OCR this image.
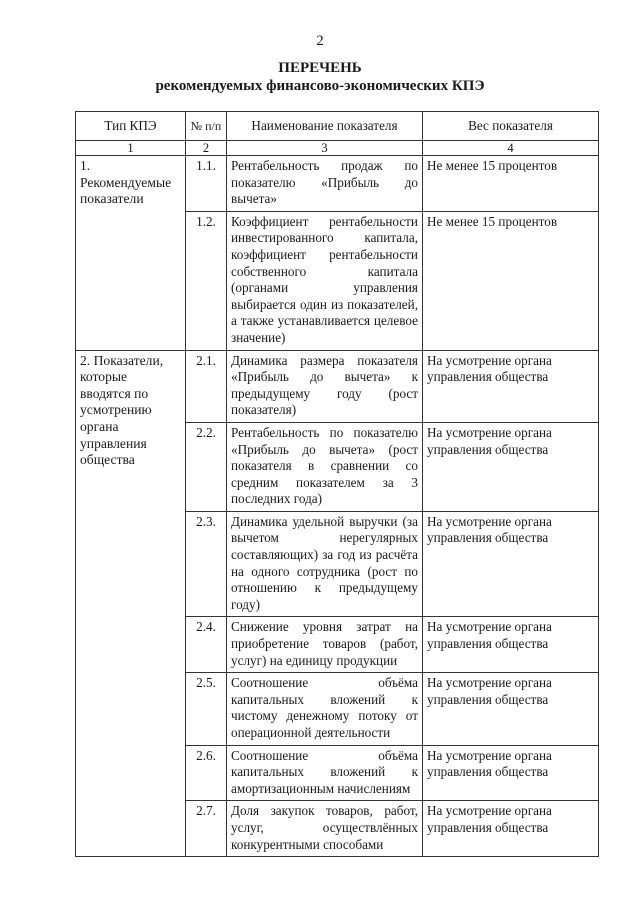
2
ПЕРЕЧЕНЬ
рекомендуемых финансово-экономических КПЭ
Тип КПЭ	№ п/п	Наименование показателя	Вес показателя
1	2	3	4
1. Рекомендуемые показатели	1.1.	Рентабельность продаж по показателю «Прибыль до вычета»	Не менее 15 процентов
	1.2.	Коэффициент рентабельности инвестированного капитала, коэффициент рентабельности собственного капитала (органами управления выбирается один из показателей, а также устанавливается целевое значение)	Не менее 15 процентов
2. Показатели, которые вводятся по усмотрению органа управления общества	2.1.	Динамика размера показателя «Прибыль до вычета» к предыдущему году (рост показателя)	На усмотрение органа управления общества
	2.2.	Рентабельность по показателю «Прибыль до вычета» (рост показателя в сравнении со средним показателем за 3 последних года)	На усмотрение органа управления общества
	2.3.	Динамика удельной выручки (за вычетом нерегулярных составляющих) за год из расчёта на одного сотрудника (рост по отношению к предыдущему году)	На усмотрение органа управления общества
	2.4.	Снижение уровня затрат на приобретение товаров (работ, услуг) на единицу продукции	На усмотрение органа управления общества
	2.5.	Соотношение объёма капитальных вложений к чистому денежному потоку от операционной деятельности	На усмотрение органа управления общества
	2.6.	Соотношение объёма капитальных вложений к амортизационным начислениям	На усмотрение органа управления общества
	2.7.	Доля закупок товаров, работ, услуг, осуществлённых конкурентными способами	На усмотрение органа управления общества
